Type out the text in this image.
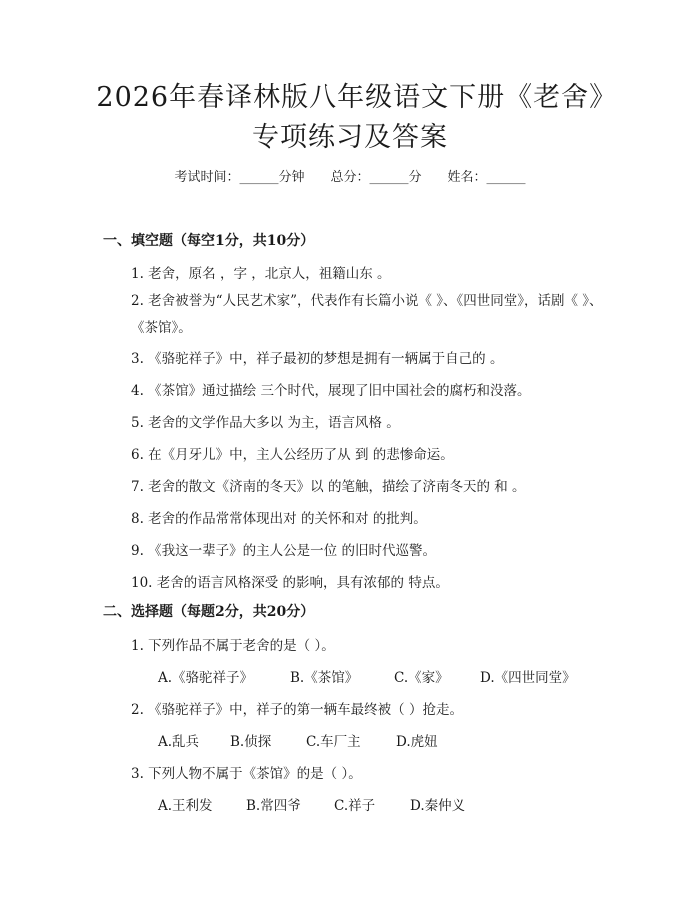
2026年春译林版八年级语文下册《老舍》专项练习及答案
考试时间：______分钟 总分：______分 姓名：______
一、填空题（每空1分，共10分）
1. 老舍，原名 ，字 ，北京人，祖籍山东 。
2. 老舍被誉为“人民艺术家”，代表作有长篇小说《 》、《四世同堂》，话剧《 》、《茶馆》。
3. 《骆驼祥子》中，祥子最初的梦想是拥有一辆属于自己的 。
4. 《茶馆》通过描绘 三个时代，展现了旧中国社会的腐朽和没落。
5. 老舍的文学作品大多以 为主，语言风格 。
6. 在《月牙儿》中，主人公经历了从 到 的悲惨命运。
7. 老舍的散文《济南的冬天》以 的笔触，描绘了济南冬天的 和 。
8. 老舍的作品常常体现出对 的关怀和对 的批判。
9. 《我这一辈子》的主人公是一位 的旧时代巡警。
10. 老舍的语言风格深受 的影响，具有浓郁的 特点。
二、选择题（每题2分，共20分）
1. 下列作品不属于老舍的是（ ）。
A.《骆驼祥子》	B.《茶馆》	C.《家》	D.《四世同堂》
2. 《骆驼祥子》中，祥子的第一辆车最终被（ ）抢走。
A.乱兵	B.侦探	C.车厂主	D.虎妞
3. 下列人物不属于《茶馆》的是（ ）。
A.王利发	B.常四爷	C.祥子	D.秦仲义
